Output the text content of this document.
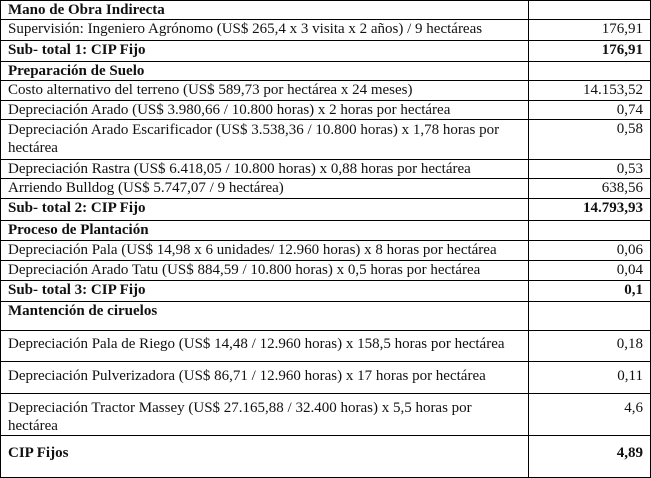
Mano de Obra Indirecta	
Supervisión: Ingeniero Agrónomo (US$ 265,4 x 3 visita x 2 años) / 9 hectáreas	176,91
Sub- total 1: CIP Fijo	176,91
Preparación de Suelo	
Costo alternativo del terreno (US$ 589,73 por hectárea x 24 meses)	14.153,52
Depreciación Arado (US$ 3.980,66 / 10.800 horas) x 2 horas por hectárea	0,74
Depreciación Arado Escarificador (US$ 3.538,36 / 10.800 horas) x 1,78 horas por hectárea	0,58
Depreciación Rastra (US$ 6.418,05 / 10.800 horas) x 0,88 horas por hectárea	0,53
Arriendo Bulldog (US$ 5.747,07 / 9 hectárea)	638,56
Sub- total 2: CIP Fijo	14.793,93
Proceso de Plantación	
Depreciación Pala (US$ 14,98 x 6 unidades/ 12.960 horas) x 8 horas por hectárea	0,06
Depreciación Arado Tatu (US$ 884,59 / 10.800 horas) x 0,5 horas por hectárea	0,04
Sub- total 3: CIP Fijo	0,1
Mantención de ciruelos	
Depreciación Pala de Riego (US$ 14,48 / 12.960 horas) x 158,5 horas por hectárea	0,18
Depreciación Pulverizadora (US$ 86,71 / 12.960 horas) x 17 horas por hectárea	0,11
Depreciación Tractor Massey (US$ 27.165,88 / 32.400 horas) x 5,5 horas por hectárea	4,6
CIP Fijos	4,89
